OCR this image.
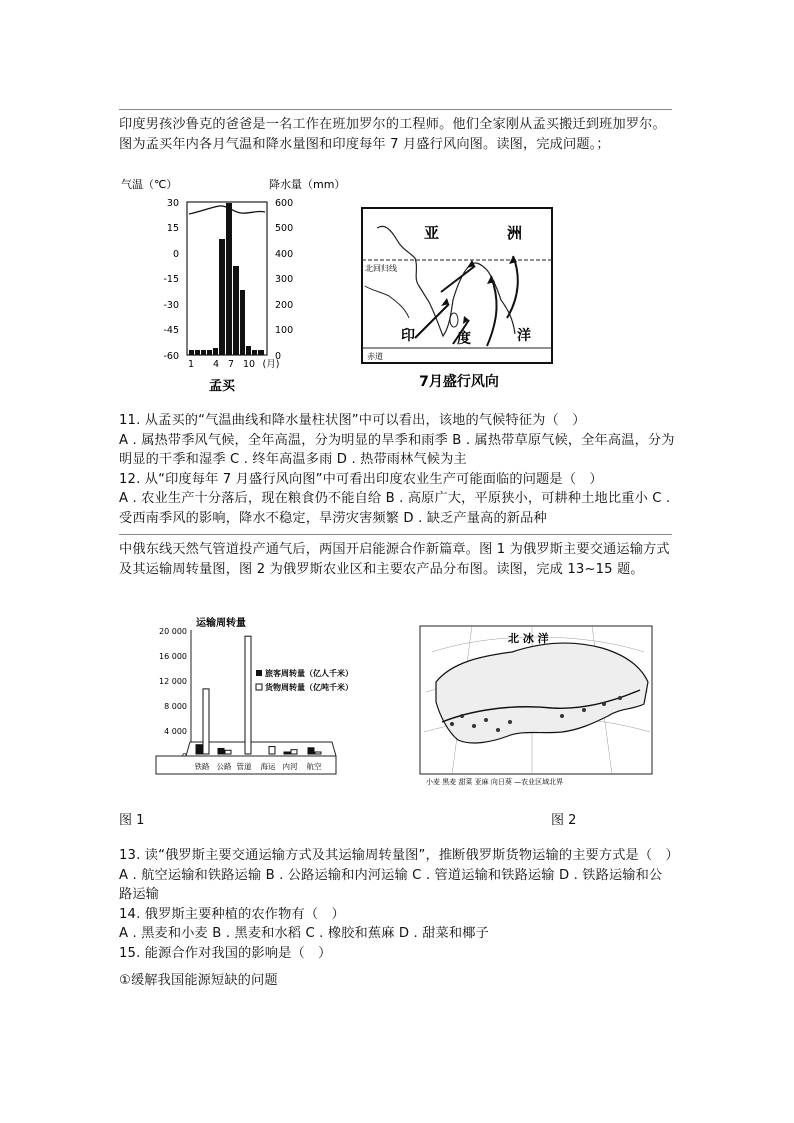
印度男孩沙鲁克的爸爸是一名工作在班加罗尔的工程师。他们全家刚从孟买搬迁到班加罗尔。图为孟买年内各月气温和降水量图和印度每年 7 月盛行风向图。读图，完成问题。；

气温（℃）	降水量（mm）
30
15
0
-15
-30
-45
-60
600
500
400
300
200
100
0
1 4 7 10 (月)
孟买
北回归线
赤道
亚	洲
印	度	洋
7月盛行风向

11. 从孟买的“气温曲线和降水量柱状图”中可以看出，该地的气候特征为（　）

A . 属热带季风气候，全年高温，分为明显的旱季和雨季 B . 属热带草原气候，全年高温，分为明显的干季和湿季 C . 终年高温多雨 D . 热带雨林气候为主

12. 从“印度每年 7 月盛行风向图”中可看出印度农业生产可能面临的问题是（　）

A . 农业生产十分落后，现在粮食仍不能自给 B . 高原广大，平原狭小，可耕种土地比重小 C . 受西南季风的影响，降水不稳定，旱涝灾害频繁 D . 缺乏产量高的新品种

中俄东线天然气管道投产通气后，两国开启能源合作新篇章。图 1 为俄罗斯主要交通运输方式及其运输周转量图，图 2 为俄罗斯农业区和主要农产品分布图。读图，完成 13~15 题。

运输周转量
20 000
16 000
12 000
8 000
4 000
铁路 公路 管道 海运 内河 航空
旅客周转量（亿人千米）
货物周转量（亿吨千米）
北 冰 洋
小麦 黑麦 甜菜 亚麻 向日葵 —农业区域北界
图 1	图 2

13. 读“俄罗斯主要交通运输方式及其运输周转量图”，推断俄罗斯货物运输的主要方式是（　）

A . 航空运输和铁路运输 B . 公路运输和内河运输 C . 管道运输和铁路运输 D . 铁路运输和公路运输

14. 俄罗斯主要种植的农作物有（　）

A . 黑麦和小麦 B . 黑麦和水稻 C . 橡胶和蕉麻 D . 甜菜和椰子

15. 能源合作对我国的影响是（　）

①缓解我国能源短缺的问题
